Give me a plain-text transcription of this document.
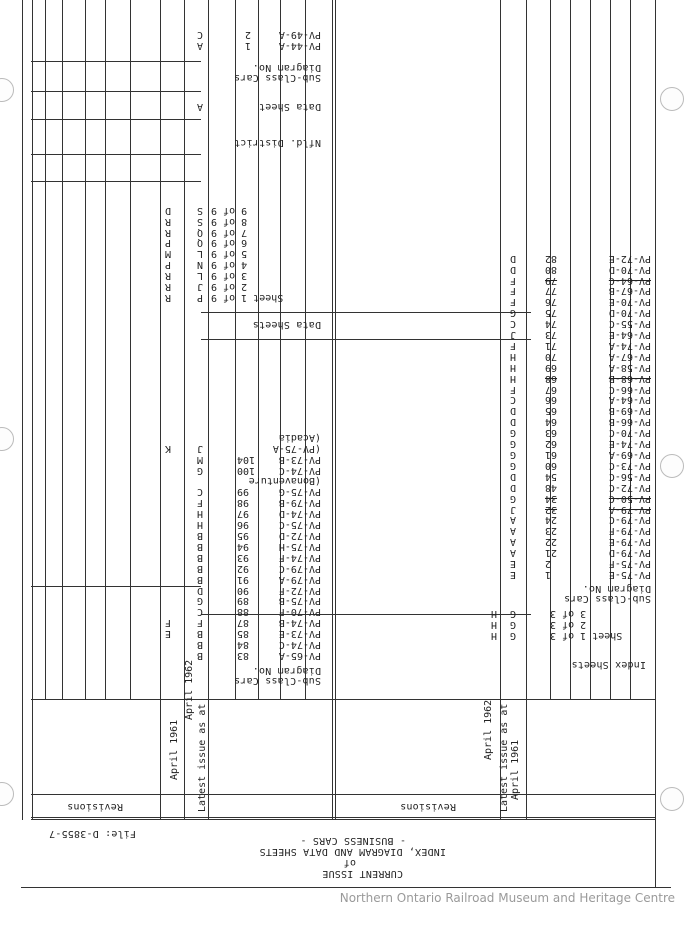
CURRENT ISSUE
of
INDEX, DIAGRAM AND DATA SHEETS
- BUSINESS CARS -
File: D-3855-7
Revisions
Revisions	Latest issue as at April 1961
April 1962
Index Sheets
Sheet 1 of 3
2 of 3
3 of 3
G
G
G
H
H
H
Sub-Class Cars
Diagram No.
PV-75-E
PV-75-F
PV-79-D
PV-79-E
PV-79-F
PV-79-C
PV-79-A
PV-50-C
PV-72-C
PV-56-C
PV-73-C
PV-69-A
PV-74-E
PV-70-C
PV-66-B
PV-69-B
PV-64-A
PV-66-C
PV-68-B
PV-58-A
PV-67-A
PV-74-A
PV-64-E
PV-55-C
PV-70-D
PV-70-E
PV-67-B
PV-64-C
PV-70-D
PV-72-E
1
2
21
22
23
24
32
34
48
54
60
61
62
63
64
65
66
67
68
69
70
71
73
74
75
76
77
79
80
82
E
E
A
A
A
A
J
G
D
D
G
G
G
G
D
D
C
F
H
H
H
F
J
C
G
F
F
F
D
D
Latest issue as at
April 1961
April 1962	Sub-Class Cars
Diagram No.
PV-65-A
PV-74-C
PV-73-E
PV-74-B
PV-70-F
PV-75-B
PV-72-F
PV-79-A
PV-79-C
PV-74-F
PV-75-H
PV-72-D
PV-75-C
PV-74-D
PV-79-B
PV-75-G
(Bonaventure
PV-74-C
PV-73-B
(PV-75-A
(Acadia
83
84
85
87
88
89
90
91
92
93
94
95
96
97
98
99

100
104

B
B
B
F
C
G
D
B
B
B
B
B
H
H
F
C

G
M
J

E
F

K

Data Sheets
Sheet 1 of 9
2 of 9
3 of 9
4 of 9
5 of 9
6 of 9
7 of 9
8 of 9
9 of 9
P
J
L
N
L
Q
Q
S
S
R
R
R
P
M
P
R
R
D
Nfld. District
Data Sheet
A
Sub-Class Cars
Diagram No.
PV-44-A
PV-49-A
1
2
A
C
Northern Ontario Railroad Museum and Heritage Centre
